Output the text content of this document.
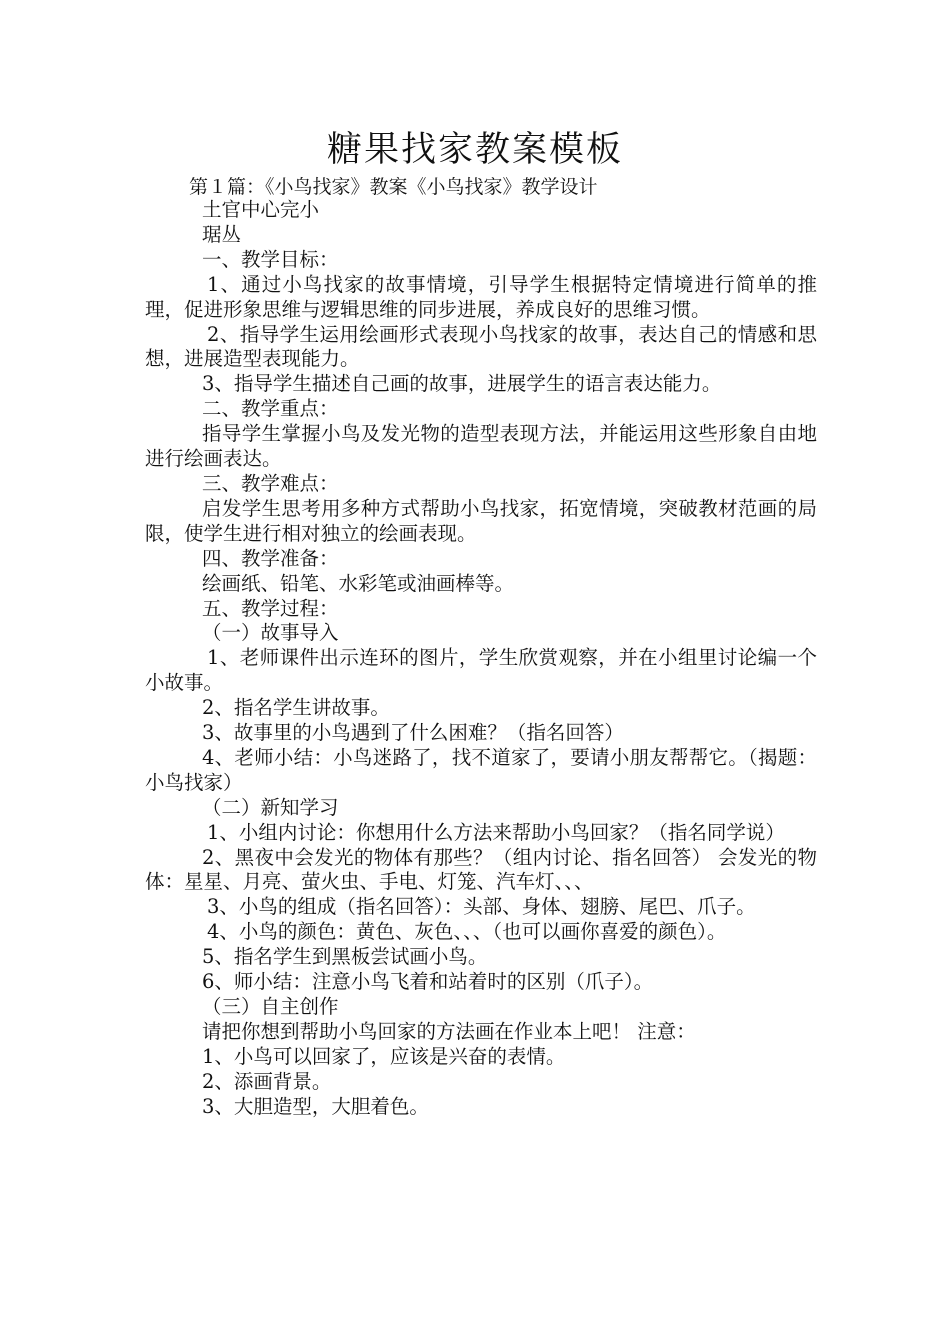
糖果找家教案模板
第１篇：《小鸟找家》教案《小鸟找家》教学设计

土官中心完小

琚丛

一、教学目标：

1、通过小鸟找家的故事情境，引导学生根据特定情境进行简单的推理，促进形象思维与逻辑思维的同步进展，养成良好的思维习惯。

2、指导学生运用绘画形式表现小鸟找家的故事，表达自己的情感和思想，进展造型表现能力。

3、指导学生描述自己画的故事，进展学生的语言表达能力。

二、教学重点：

指导学生掌握小鸟及发光物的造型表现方法，并能运用这些形象自由地进行绘画表达。

三、教学难点：

启发学生思考用多种方式帮助小鸟找家，拓宽情境，突破教材范画的局限，使学生进行相对独立的绘画表现。

四、教学准备：

绘画纸、铅笔、水彩笔或油画棒等。

五、教学过程：

（一）故事导入

1、老师课件出示连环的图片，学生欣赏观察，并在小组里讨论编一个小故事。

2、指名学生讲故事。

3、故事里的小鸟遇到了什么困难？（指名回答）

4、老师小结：小鸟迷路了，找不道家了，要请小朋友帮帮它。（揭题：小鸟找家）

（二）新知学习

1、小组内讨论：你想用什么方法来帮助小鸟回家？（指名同学说）

2、黑夜中会发光的物体有那些？（组内讨论、指名回答） 会发光的物体：星星、月亮、萤火虫、手电、灯笼、汽车灯、、、

3、小鸟的组成（指名回答）：头部、身体、翅膀、尾巴、爪子。

4、小鸟的颜色：黄色、灰色、、、（也可以画你喜爱的颜色）。

5、指名学生到黑板尝试画小鸟。

6、师小结：注意小鸟飞着和站着时的区别（爪子）。

（三）自主创作

请把你想到帮助小鸟回家的方法画在作业本上吧！ 注意：

1、小鸟可以回家了，应该是兴奋的表情。

2、添画背景。

3、大胆造型，大胆着色。
